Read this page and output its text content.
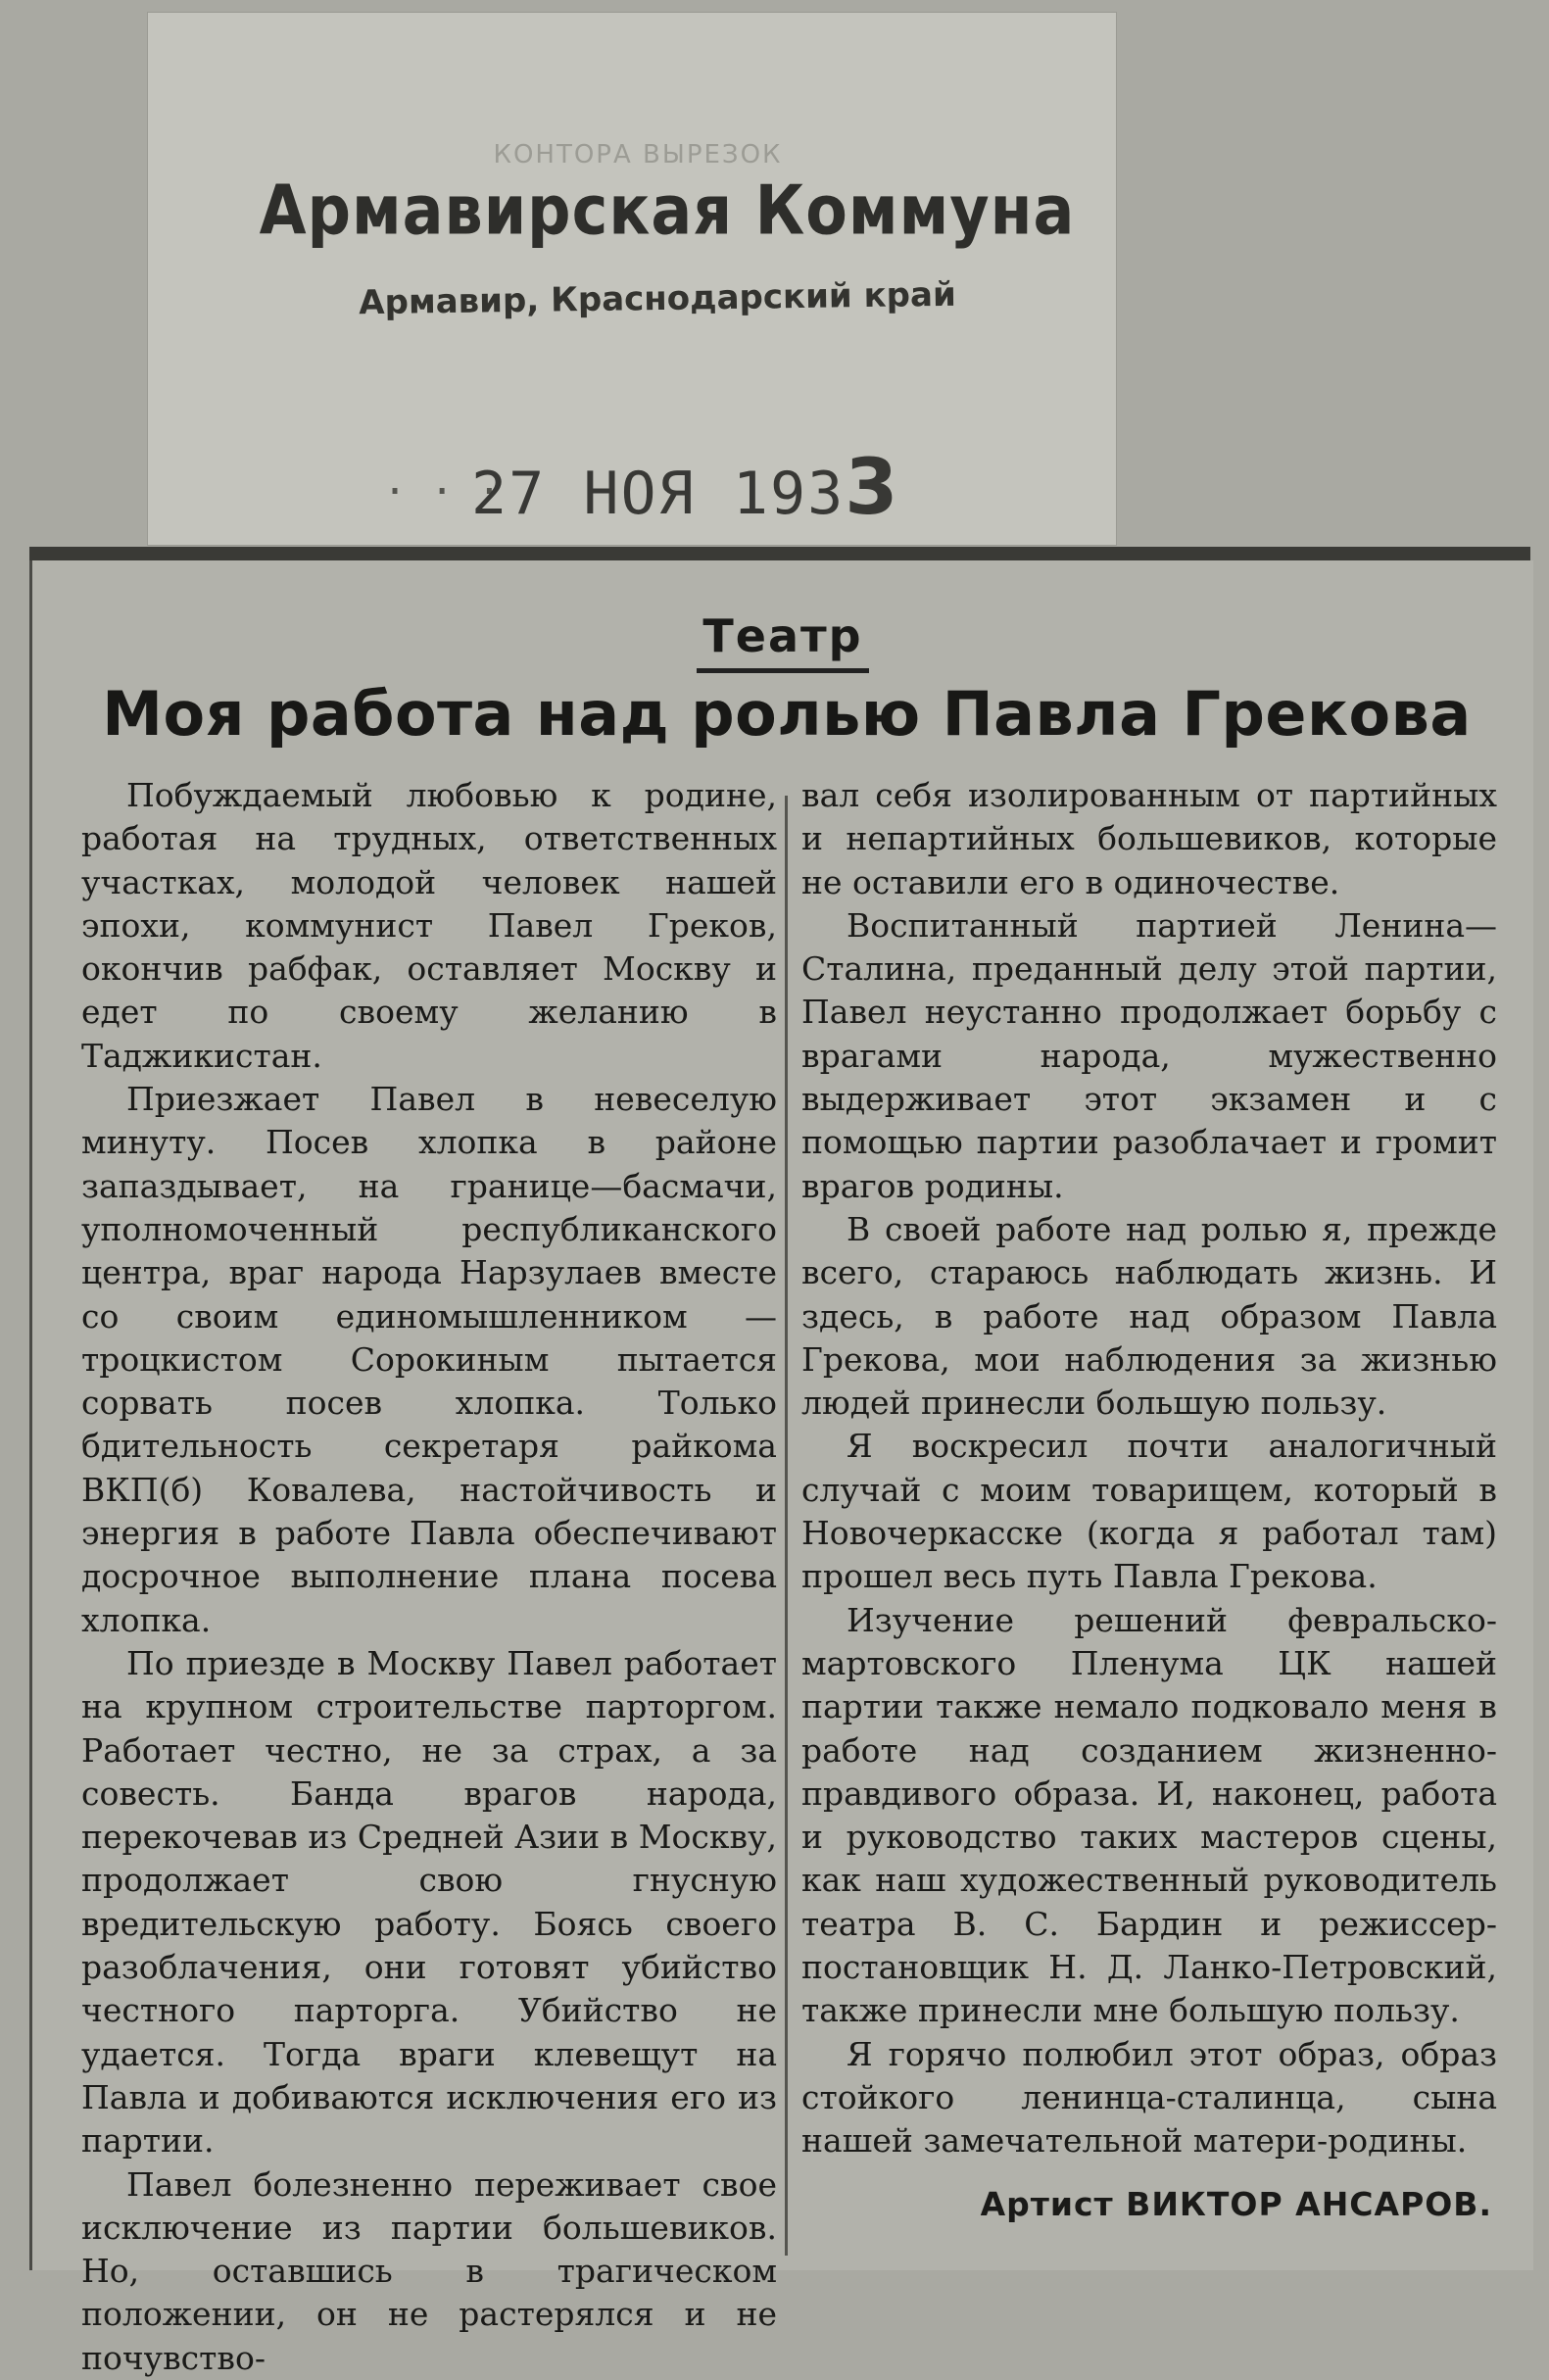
КОНТОРА ВЫРЕЗОК
Армавирская Коммуна
Армавир, Краснодарский край
. . .
27 НОЯ 1933
Театр
Моя работа над ролью Павла Грекова

Побуждаемый любовью к родине, работая на трудных, ответственных участках, молодой человек нашей эпохи, коммунист Павел Греков, окончив рабфак, оставляет Москву и едет по своему желанию в Таджикистан.

Приезжает Павел в невеселую минуту. Посев хлопка в районе запаздывает, на границе—басмачи, уполномоченный республиканского центра, враг народа Нарзулаев вместе со своим единомышленником — троцкистом Сорокиным пытается сорвать посев хлопка. Только бдительность секретаря райкома ВКП(б) Ковалева, настойчивость и энергия в работе Павла обеспечивают досрочное выполнение плана посева хлопка.

По приезде в Москву Павел работает на крупном строительстве парторгом. Работает честно, не за страх, а за совесть. Банда врагов народа, перекочевав из Средней Азии в Москву, продолжает свою гнусную вредительскую работу. Боясь своего разоблачения, они готовят убийство честного парторга. Убийство не удается. Тогда враги клевещут на Павла и добиваются исключения его из партии.

Павел болезненно переживает свое исключение из партии большевиков. Но, оставшись в трагическом положении, он не растерялся и не почувство-

вал себя изолированным от партийных и непартийных большевиков, которые не оставили его в одиночестве.

Воспитанный партией Ленина—Сталина, преданный делу этой партии, Павел неустанно продолжает борьбу с врагами народа, мужественно выдерживает этот экзамен и с помощью партии разоблачает и громит врагов родины.

В своей работе над ролью я, прежде всего, стараюсь наблюдать жизнь. И здесь, в работе над образом Павла Грекова, мои наблюдения за жизнью людей принесли большую пользу.

Я воскресил почти аналогичный случай с моим товарищем, который в Новочеркасске (когда я работал там) прошел весь путь Павла Грекова.

Изучение решений февральско-мартовского Пленума ЦК нашей партии также немало подковало меня в работе над созданием жизненно-правдивого образа. И, наконец, работа и руководство таких мастеров сцены, как наш художественный руководитель театра В. С. Бардин и режиссер-постановщик Н. Д. Ланко-Петровский, также принесли мне большую пользу.

Я горячо полюбил этот образ, образ стойкого ленинца-сталинца, сына нашей замечательной матери-родины.

Артист ВИКТОР АНСАРОВ.
